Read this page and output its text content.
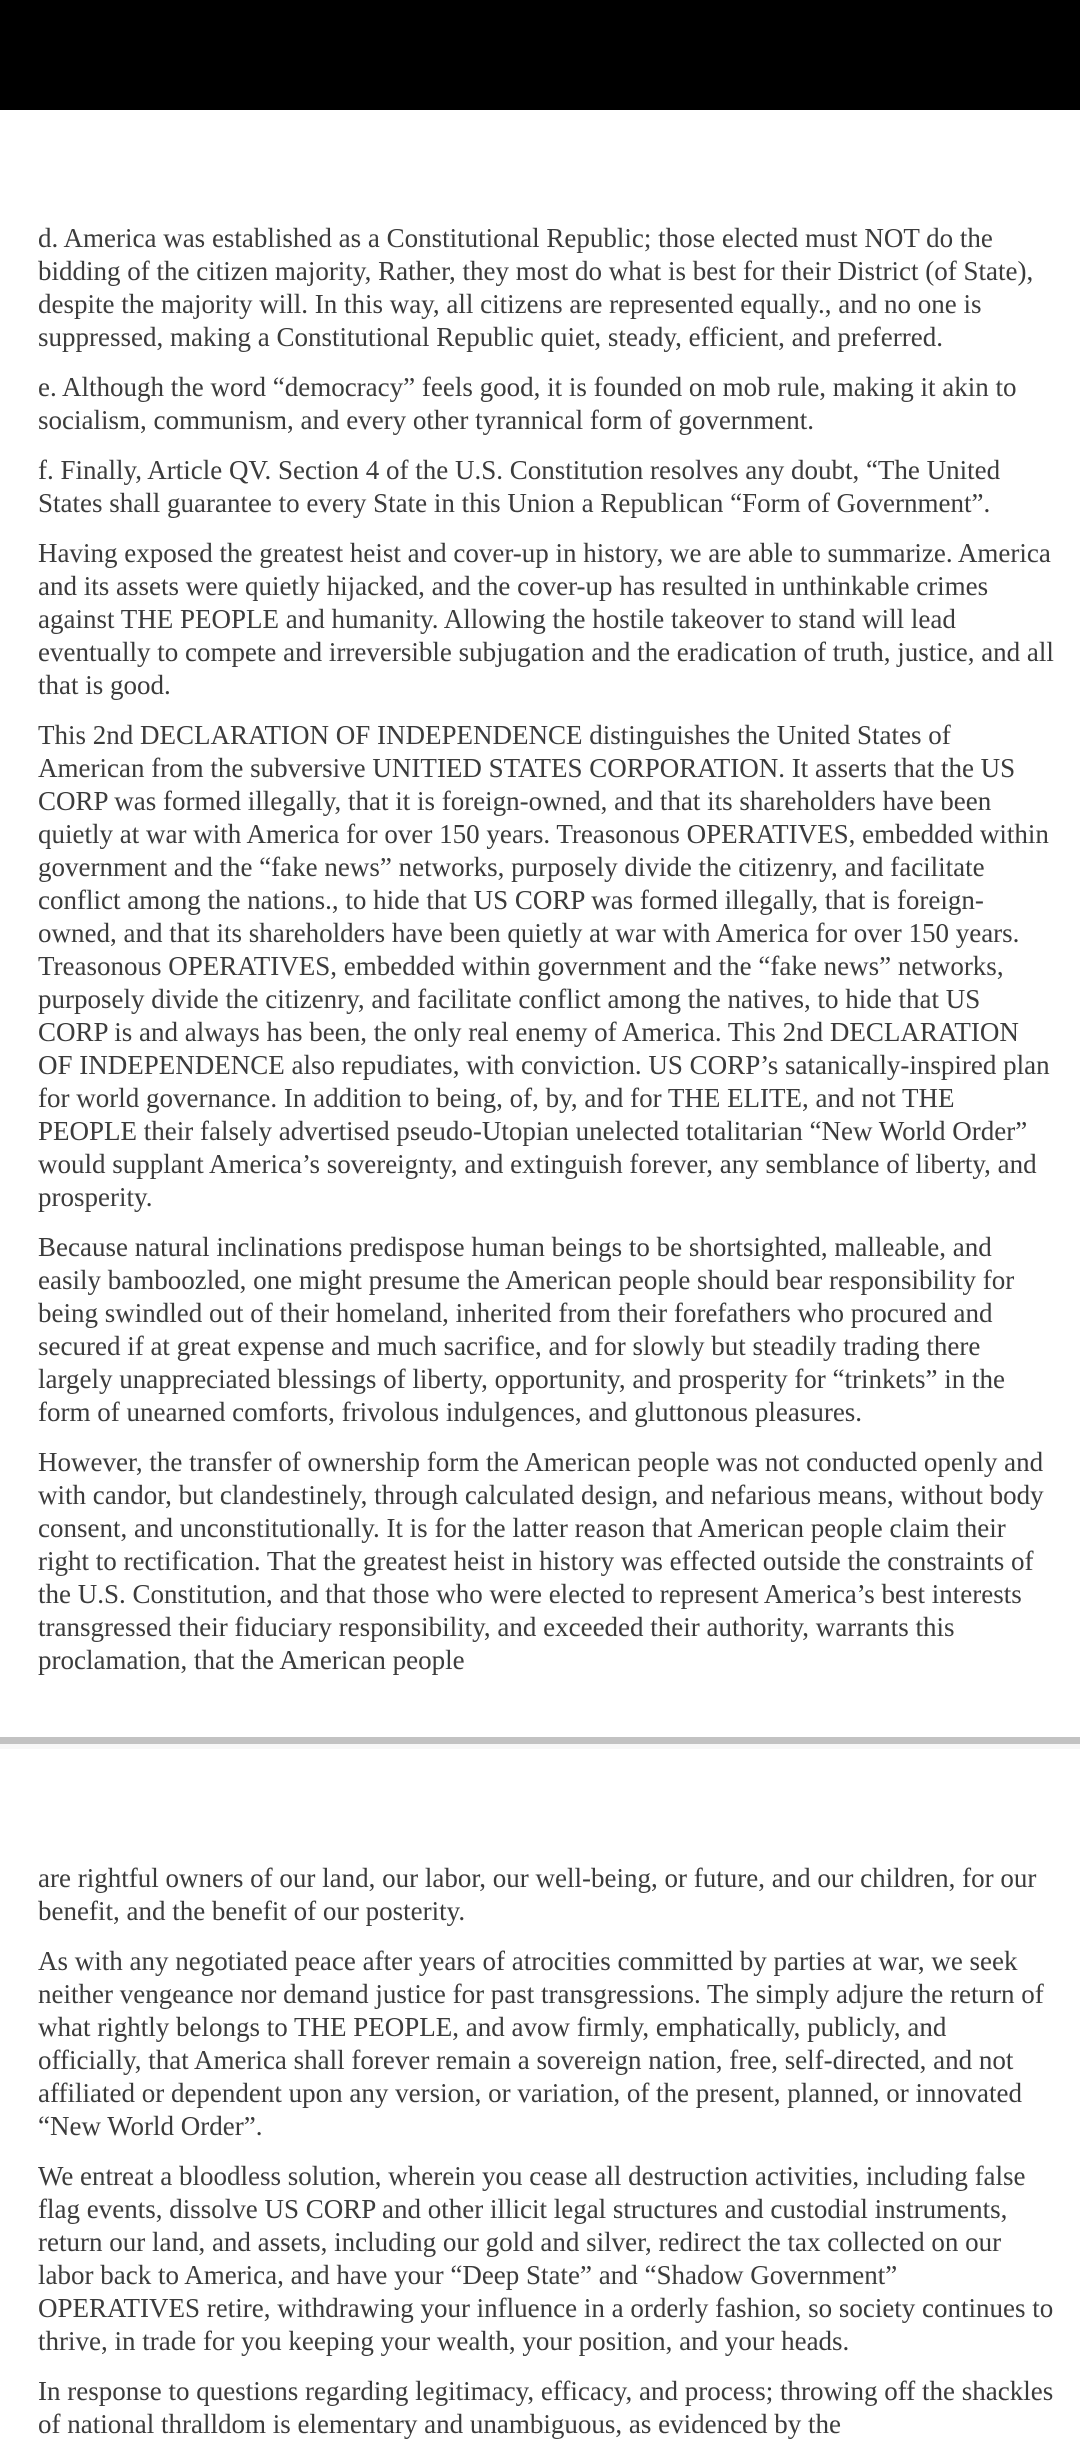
d. America was established as a Constitutional Republic; those elected must NOT do the bidding of the citizen majority, Rather, they most do what is best for their District (of State), despite the majority will. In this way, all citizens are represented equally., and no one is suppressed, making a Constitutional Republic quiet, steady, efficient, and preferred.

e. Although the word “democracy” feels good, it is founded on mob rule, making it akin to socialism, communism, and every other tyrannical form of government.

f. Finally, Article QV. Section 4 of the U.S. Constitution resolves any doubt, “The United States shall guarantee to every State in this Union a Republican “Form of Government”.

Having exposed the greatest heist and cover-up in history, we are able to summarize. America and its assets were quietly hijacked, and the cover-up has resulted in unthinkable crimes against THE PEOPLE and humanity. Allowing the hostile takeover to stand will lead eventually to compete and irreversible subjugation and the eradication of truth, justice, and all that is good.

This 2nd DECLARATION OF INDEPENDENCE distinguishes the United States of American from the subversive UNITIED STATES CORPORATION. It asserts that the US CORP was formed illegally, that it is foreign-owned, and that its shareholders have been quietly at war with America for over 150 years. Treasonous OPERATIVES, embedded within government and the “fake news” networks, purposely divide the citizenry, and facilitate conflict among the nations., to hide that US CORP was formed illegally, that is foreign-owned, and that its shareholders have been quietly at war with America for over 150 years. Treasonous OPERATIVES, embedded within government and the “fake news” networks, purposely divide the citizenry, and facilitate conflict among the natives, to hide that US CORP is and always has been, the only real enemy of America. This 2nd DECLARATION OF INDEPENDENCE also repudiates, with conviction. US CORP’s satanically-inspired plan for world governance. In addition to being, of, by, and for THE ELITE, and not THE PEOPLE their falsely advertised pseudo-Utopian unelected totalitarian “New World Order” would supplant America’s sovereignty, and extinguish forever, any semblance of liberty, and prosperity.

Because natural inclinations predispose human beings to be shortsighted, malleable, and easily bamboozled, one might presume the American people should bear responsibility for being swindled out of their homeland, inherited from their forefathers who procured and secured if at great expense and much sacrifice, and for slowly but steadily trading there largely unappreciated blessings of liberty, opportunity, and prosperity for “trinkets” in the form of unearned comforts, frivolous indulgences, and gluttonous pleasures.

However, the transfer of ownership form the American people was not conducted openly and with candor, but clandestinely, through calculated design, and nefarious means, without body consent, and unconstitutionally. It is for the latter reason that American people claim their right to rectification. That the greatest heist in history was effected outside the constraints of the U.S. Constitution, and that those who were elected to represent America’s best interests transgressed their fiduciary responsibility, and exceeded their authority, warrants this proclamation, that the American people

are rightful owners of our land, our labor, our well-being, or future, and our children, for our benefit, and the benefit of our posterity.

As with any negotiated peace after years of atrocities committed by parties at war, we seek neither vengeance nor demand justice for past transgressions. The simply adjure the return of what rightly belongs to THE PEOPLE, and avow firmly, emphatically, publicly, and officially, that America shall forever remain a sovereign nation, free, self-directed, and not affiliated or dependent upon any version, or variation, of the present, planned, or innovated “New World Order”.

We entreat a bloodless solution, wherein you cease all destruction activities, including false flag events, dissolve US CORP and other illicit legal structures and custodial instruments, return our land, and assets, including our gold and silver, redirect the tax collected on our labor back to America, and have your “Deep State” and “Shadow Government” OPERATIVES retire, withdrawing your influence in a orderly fashion, so society continues to thrive, in trade for you keeping your wealth, your position, and your heads.

In response to questions regarding legitimacy, efficacy, and process; throwing off the shackles of national thralldom is elementary and unambiguous, as evidenced by the
